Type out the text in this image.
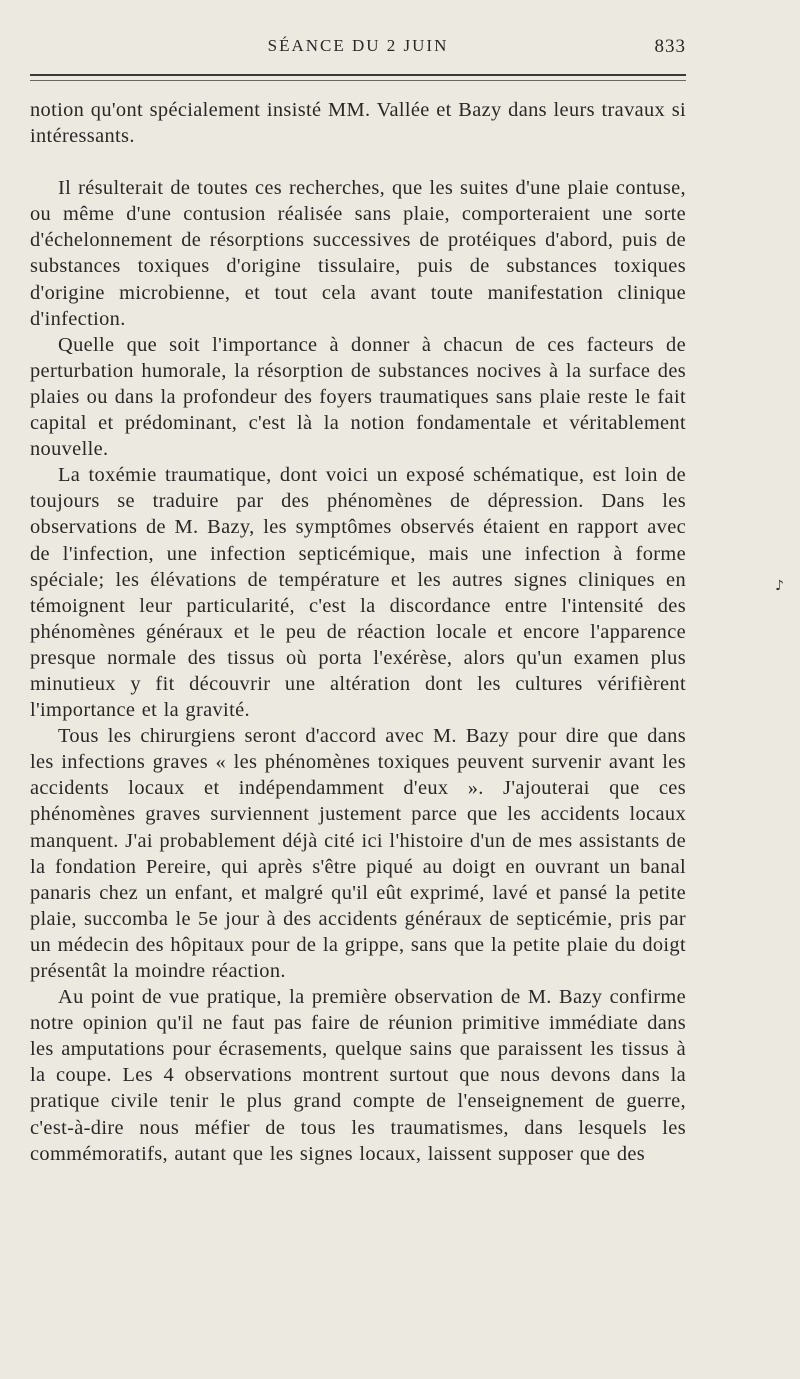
SÉANCE DU 2 JUIN	833

notion qu'ont spécialement insisté MM. Vallée et Bazy dans leurs travaux si intéressants.

Il résulterait de toutes ces recherches, que les suites d'une plaie contuse, ou même d'une contusion réalisée sans plaie, comporteraient une sorte d'échelonnement de résorptions successives de protéiques d'abord, puis de substances toxiques d'origine tissulaire, puis de substances toxiques d'origine microbienne, et tout cela avant toute manifestation clinique d'infection.

Quelle que soit l'importance à donner à chacun de ces facteurs de perturbation humorale, la résorption de substances nocives à la surface des plaies ou dans la profondeur des foyers traumatiques sans plaie reste le fait capital et prédominant, c'est là la notion fondamentale et véritablement nouvelle.

La toxémie traumatique, dont voici un exposé schématique, est loin de toujours se traduire par des phénomènes de dépression. Dans les observations de M. Bazy, les symptômes observés étaient en rapport avec de l'infection, une infection septicémique, mais une infection à forme spéciale; les élévations de température et les autres signes cliniques en témoignent leur particularité, c'est la discordance entre l'intensité des phénomènes généraux et le peu de réaction locale et encore l'apparence presque normale des tissus où porta l'exérèse, alors qu'un examen plus minutieux y fit découvrir une altération dont les cultures vérifièrent l'importance et la gravité.

Tous les chirurgiens seront d'accord avec M. Bazy pour dire que dans les infections graves « les phénomènes toxiques peuvent survenir avant les accidents locaux et indépendamment d'eux ». J'ajouterai que ces phénomènes graves surviennent justement parce que les accidents locaux manquent. J'ai probablement déjà cité ici l'histoire d'un de mes assistants de la fondation Pereire, qui après s'être piqué au doigt en ouvrant un banal panaris chez un enfant, et malgré qu'il eût exprimé, lavé et pansé la petite plaie, succomba le 5e jour à des accidents généraux de septicémie, pris par un médecin des hôpitaux pour de la grippe, sans que la petite plaie du doigt présentât la moindre réaction.

Au point de vue pratique, la première observation de M. Bazy confirme notre opinion qu'il ne faut pas faire de réunion primitive immédiate dans les amputations pour écrasements, quelque sains que paraissent les tissus à la coupe. Les 4 observations montrent surtout que nous devons dans la pratique civile tenir le plus grand compte de l'enseignement de guerre, c'est-à-dire nous méfier de tous les traumatismes, dans lesquels les commémoratifs, autant que les signes locaux, laissent supposer que des

♪
